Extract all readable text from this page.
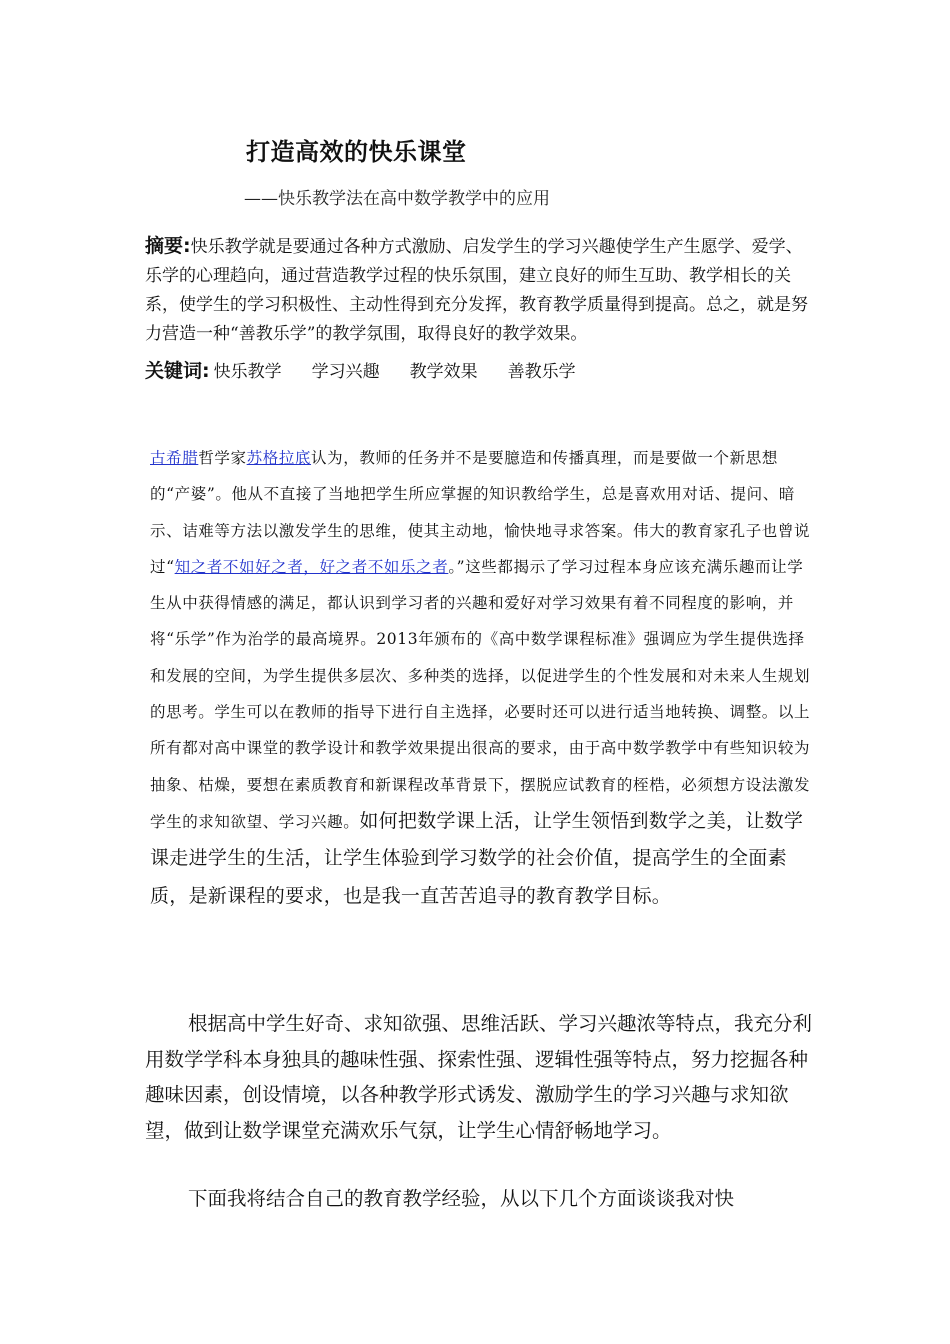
打造高效的快乐课堂
——快乐教学法在高中数学教学中的应用
摘要:快乐教学就是要通过各种方式激励、启发学生的学习兴趣使学生产生愿学、爱学、乐学的心理趋向，通过营造教学过程的快乐氛围，建立良好的师生互助、教学相长的关系，使学生的学习积极性、主动性得到充分发挥，教育教学质量得到提高。总之，就是努力营造一种“善教乐学”的教学氛围，取得良好的教学效果。
关键词: 快乐教学 学习兴趣 教学效果 善教乐学
古希腊哲学家苏格拉底认为，教师的任务并不是要臆造和传播真理，而是要做一个新思想的“产婆”。他从不直接了当地把学生所应掌握的知识教给学生，总是喜欢用对话、提问、暗示、诘难等方法以激发学生的思维，使其主动地，愉快地寻求答案。伟大的教育家孔子也曾说过“知之者不如好之者，好之者不如乐之者。”这些都揭示了学习过程本身应该充满乐趣而让学生从中获得情感的满足，都认识到学习者的兴趣和爱好对学习效果有着不同程度的影响，并将“乐学”作为治学的最高境界。2013年颁布的《高中数学课程标准》强调应为学生提供选择和发展的空间，为学生提供多层次、多种类的选择，以促进学生的个性发展和对未来人生规划的思考。学生可以在教师的指导下进行自主选择，必要时还可以进行适当地转换、调整。以上所有都对高中课堂的教学设计和教学效果提出很高的要求，由于高中数学教学中有些知识较为抽象、枯燥，要想在素质教育和新课程改革背景下，摆脱应试教育的桎梏，必须想方设法激发学生的求知欲望、学习兴趣。如何把数学课上活，让学生领悟到数学之美，让数学课走进学生的生活，让学生体验到学习数学的社会价值，提高学生的全面素质，是新课程的要求，也是我一直苦苦追寻的教育教学目标。
根据高中学生好奇、求知欲强、思维活跃、学习兴趣浓等特点，我充分利用数学学科本身独具的趣味性强、探索性强、逻辑性强等特点，努力挖掘各种趣味因素，创设情境，以各种教学形式诱发、激励学生的学习兴趣与求知欲望，做到让数学课堂充满欢乐气氛，让学生心情舒畅地学习。
下面我将结合自己的教育教学经验，从以下几个方面谈谈我对快
